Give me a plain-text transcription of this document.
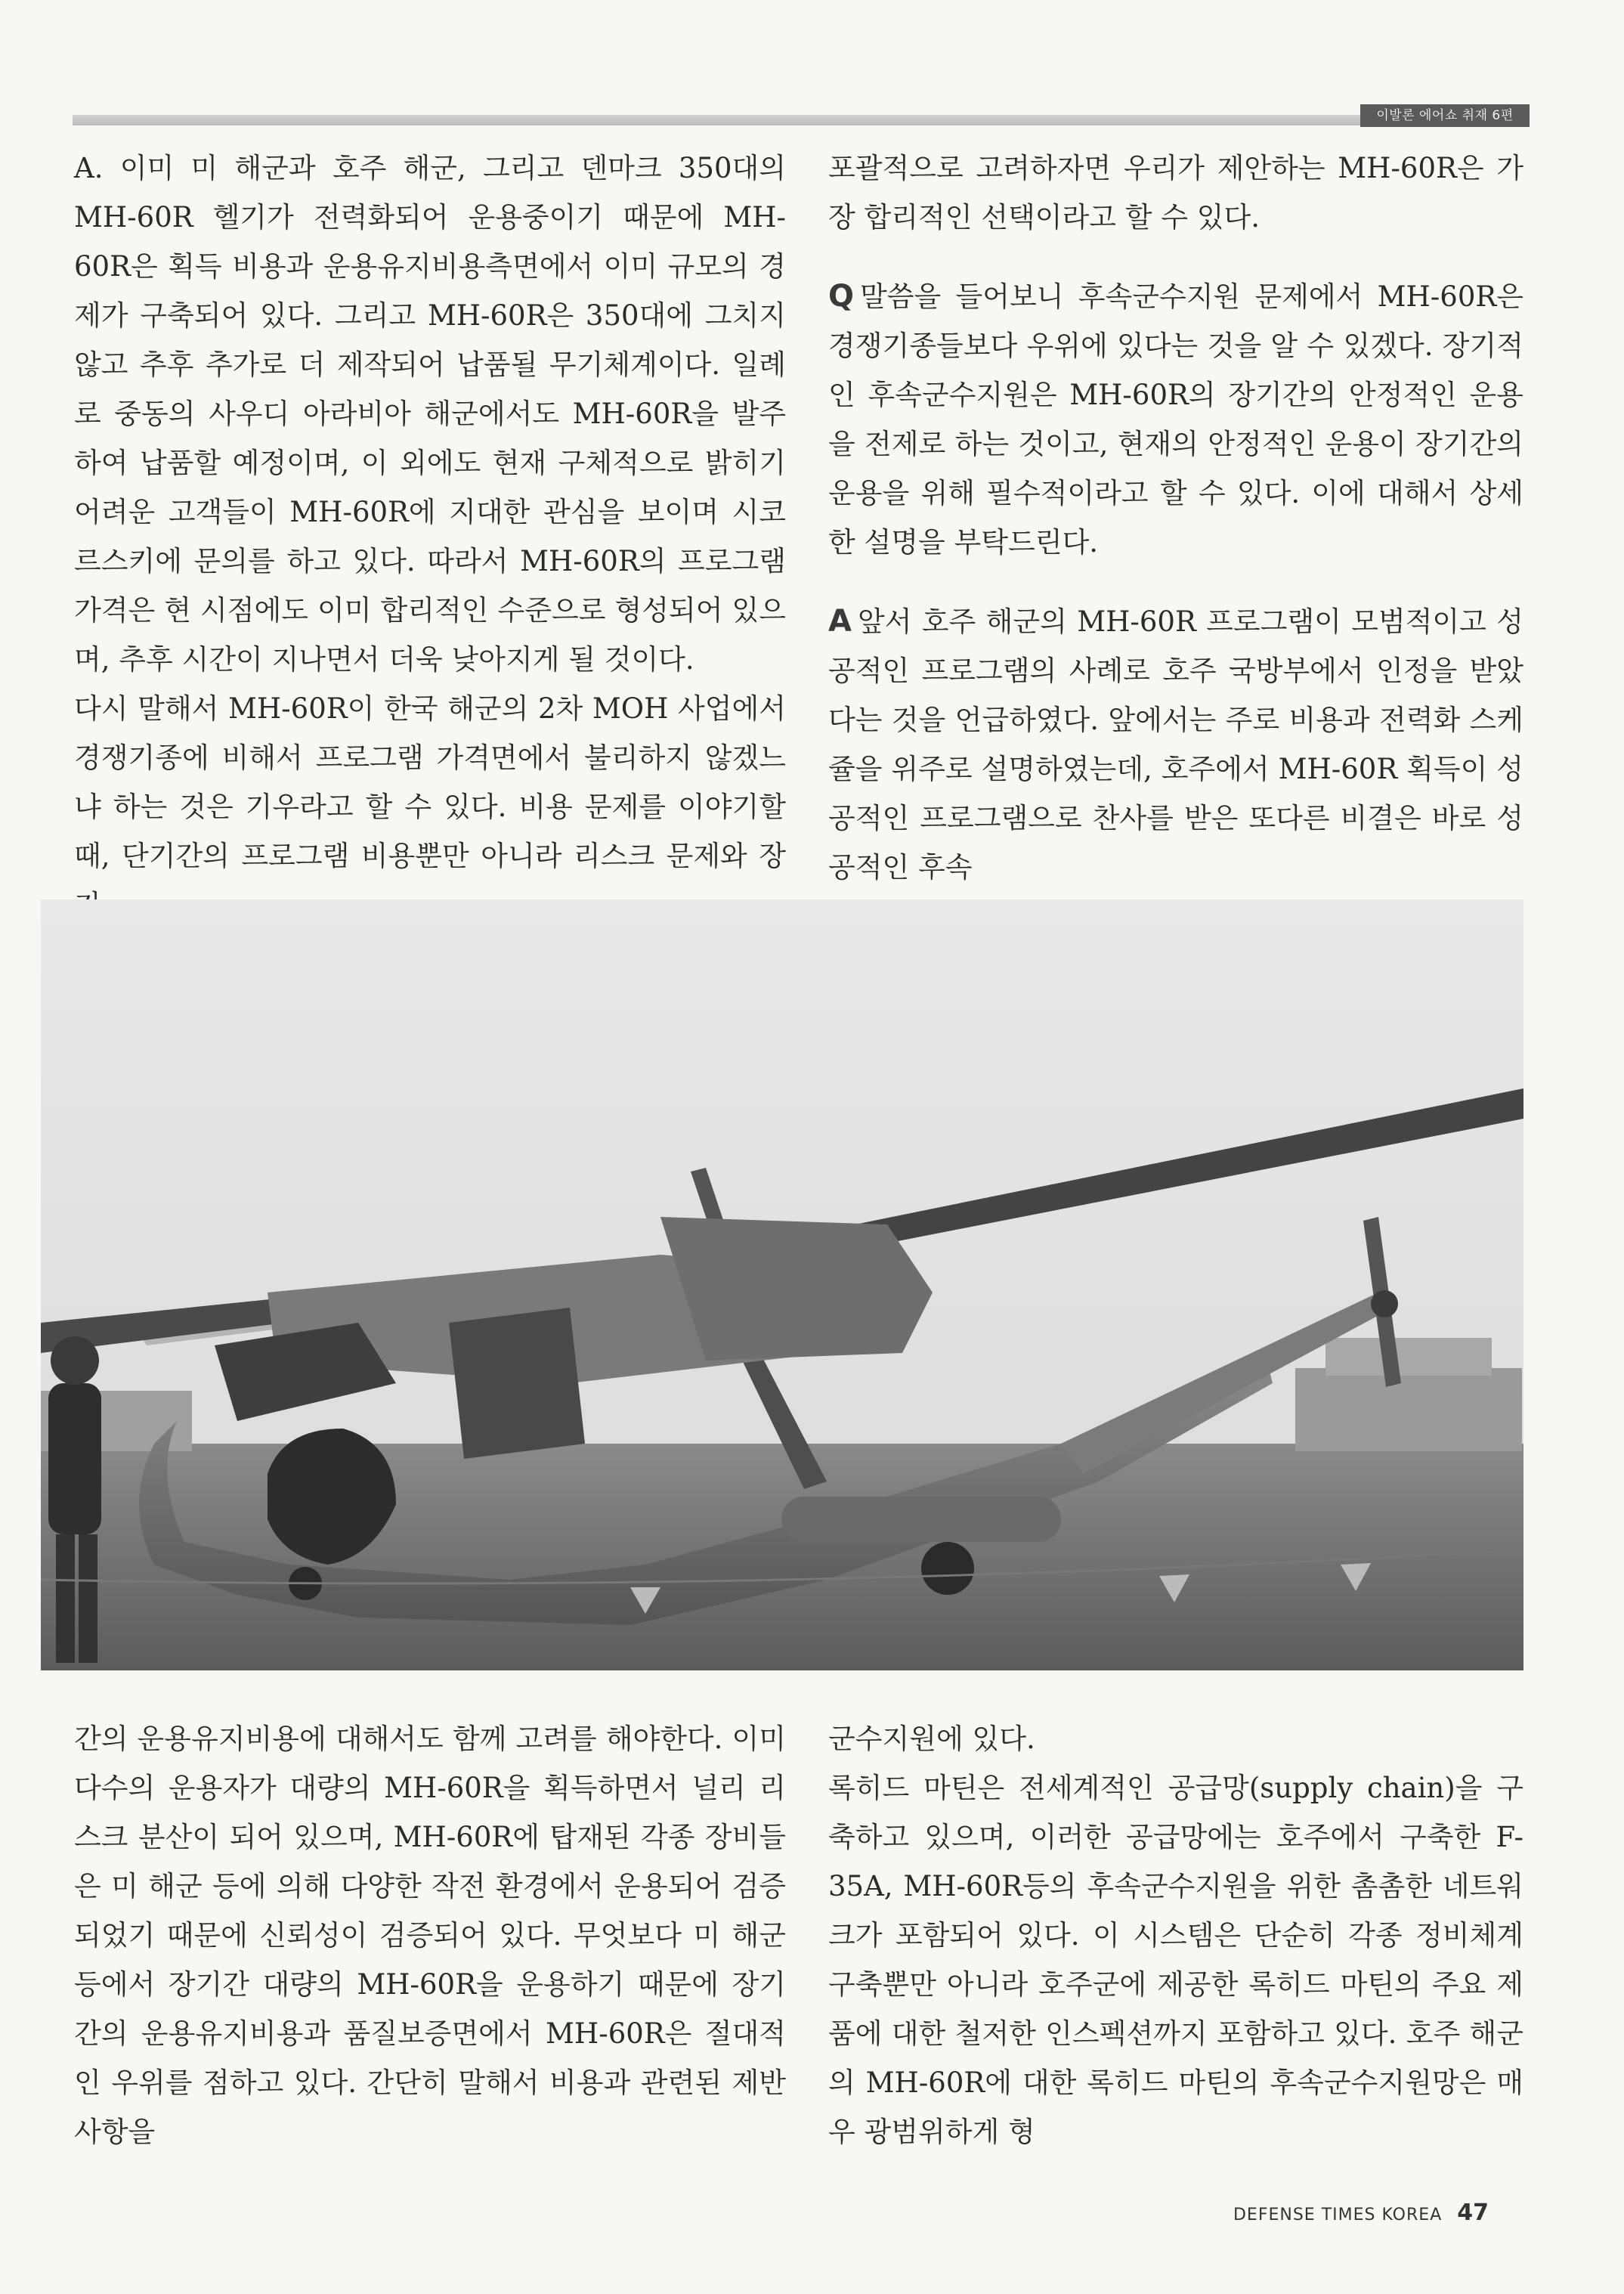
이발론 에어쇼 취재 6편

A. 이미 미 해군과 호주 해군, 그리고 덴마크 350대의 MH-60R 헬기가 전력화되어 운용중이기 때문에 MH-60R은 획득 비용과 운용유지비용측면에서 이미 규모의 경제가 구축되어 있다. 그리고 MH-60R은 350대에 그치지 않고 추후 추가로 더 제작되어 납품될 무기체계이다. 일례로 중동의 사우디 아라비아 해군에서도 MH-60R을 발주하여 납품할 예정이며, 이 외에도 현재 구체적으로 밝히기 어려운 고객들이 MH-60R에 지대한 관심을 보이며 시코르스키에 문의를 하고 있다. 따라서 MH-60R의 프로그램 가격은 현 시점에도 이미 합리적인 수준으로 형성되어 있으며, 추후 시간이 지나면서 더욱 낮아지게 될 것이다.

다시 말해서 MH-60R이 한국 해군의 2차 MOH 사업에서 경쟁기종에 비해서 프로그램 가격면에서 불리하지 않겠느냐 하는 것은 기우라고 할 수 있다. 비용 문제를 이야기할 때, 단기간의 프로그램 비용뿐만 아니라 리스크 문제와 장

포괄적으로 고려하자면 우리가 제안하는 MH-60R은 가장 합리적인 선택이라고 할 수 있다.

Q 말씀을 들어보니 후속군수지원 문제에서 MH-60R은 경쟁기종들보다 우위에 있다는 것을 알 수 있겠다. 장기적인 후속군수지원은 MH-60R의 장기간의 안정적인 운용을 전제로 하는 것이고, 현재의 안정적인 운용이 장기간의 운용을 위해 필수적이라고 할 수 있다. 이에 대해서 상세한 설명을 부탁드린다.

A 앞서 호주 해군의 MH-60R 프로그램이 모범적이고 성공적인 프로그램의 사례로 호주 국방부에서 인정을 받았다는 것을 언급하였다. 앞에서는 주로 비용과 전력화 스케쥴을 위주로 설명하였는데, 호주에서 MH-60R 획득이 성공적인 프로그램으로 찬사를 받은 또다른 비결은 바로 성공적인 후속

간의 운용유지비용에 대해서도 함께 고려를 해야한다. 이미 다수의 운용자가 대량의 MH-60R을 획득하면서 널리 리스크 분산이 되어 있으며, MH-60R에 탑재된 각종 장비들은 미 해군 등에 의해 다양한 작전 환경에서 운용되어 검증되었기 때문에 신뢰성이 검증되어 있다. 무엇보다 미 해군 등에서 장기간 대량의 MH-60R을 운용하기 때문에 장기간의 운용유지비용과 품질보증면에서 MH-60R은 절대적인 우위를 점하고 있다. 간단히 말해서 비용과 관련된 제반 사항을

군수지원에 있다.

록히드 마틴은 전세계적인 공급망(supply chain)을 구축하고 있으며, 이러한 공급망에는 호주에서 구축한 F-35A, MH-60R등의 후속군수지원을 위한 촘촘한 네트워크가 포함되어 있다. 이 시스템은 단순히 각종 정비체계 구축뿐만 아니라 호주군에 제공한 록히드 마틴의 주요 제품에 대한 철저한 인스펙션까지 포함하고 있다. 호주 해군의 MH-60R에 대한 록히드 마틴의 후속군수지원망은 매우 광범위하게 형

DEFENSE TIMES KOREA 47
